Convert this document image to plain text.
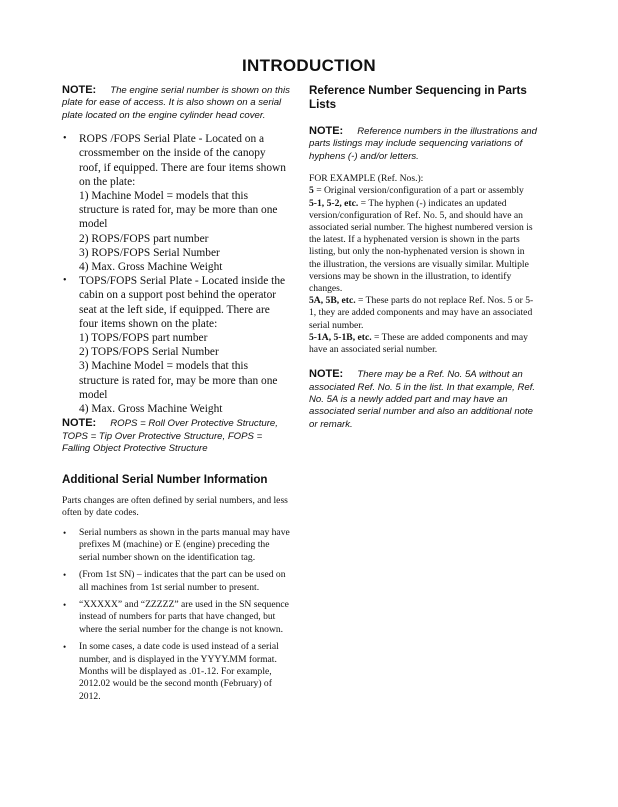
INTRODUCTION
NOTE: The engine serial number is shown on this plate for ease of access. It is also shown on a serial plate located on the engine cylinder head cover.
• ROPS /FOPS Serial Plate - Located on a crossmember on the inside of the canopy roof, if equipped. There are four items shown on the plate:
1) Machine Model = models that this structure is rated for, may be more than one model
2) ROPS/FOPS part number
3) ROPS/FOPS Serial Number
4) Max. Gross Machine Weight
• TOPS/FOPS Serial Plate - Located inside the cabin on a support post behind the operator seat at the left side, if equipped. There are four items shown on the plate:
1) TOPS/FOPS part number
2) TOPS/FOPS Serial Number
3) Machine Model = models that this structure is rated for, may be more than one model
4) Max. Gross Machine Weight
NOTE: ROPS = Roll Over Protective Structure, TOPS = Tip Over Protective Structure, FOPS = Falling Object Protective Structure
Additional Serial Number Information

Parts changes are often defined by serial numbers, and less often by date codes.

• Serial numbers as shown in the parts manual may have prefixes M (machine) or E (engine) preceding the serial number shown on the identification tag.
• (From 1st SN) – indicates that the part can be used on all machines from 1st serial number to present.
• “XXXXX” and “ZZZZZ” are used in the SN sequence instead of numbers for parts that have changed, but where the serial number for the change is not known.
• In some cases, a date code is used instead of a serial number, and is displayed in the YYYY.MM format. Months will be displayed as .01-.12. For example, 2012.02 would be the second month (February) of 2012.
Reference Number Sequencing in Parts Lists
NOTE: Reference numbers in the illustrations and parts listings may include sequencing variations of hyphens (-) and/or letters.

FOR EXAMPLE (Ref. Nos.):

5 = Original version/configuration of a part or assembly

5-1, 5-2, etc. = The hyphen (-) indicates an updated version/configuration of Ref. No. 5, and should have an associated serial number. The highest numbered version is the latest. If a hyphenated version is shown in the parts listing, but only the non-hyphenated version is shown in the illustration, the versions are visually similar. Multiple versions may be shown in the illustration, to identify changes.

5A, 5B, etc. = These parts do not replace Ref. Nos. 5 or 5-1, they are added components and may have an associated serial number.

5-1A, 5-1B, etc. = These are added components and may have an associated serial number.

NOTE: There may be a Ref. No. 5A without an associated Ref. No. 5 in the list. In that example, Ref. No. 5A is a newly added part and may have an associated serial number and also an additional note or remark.
